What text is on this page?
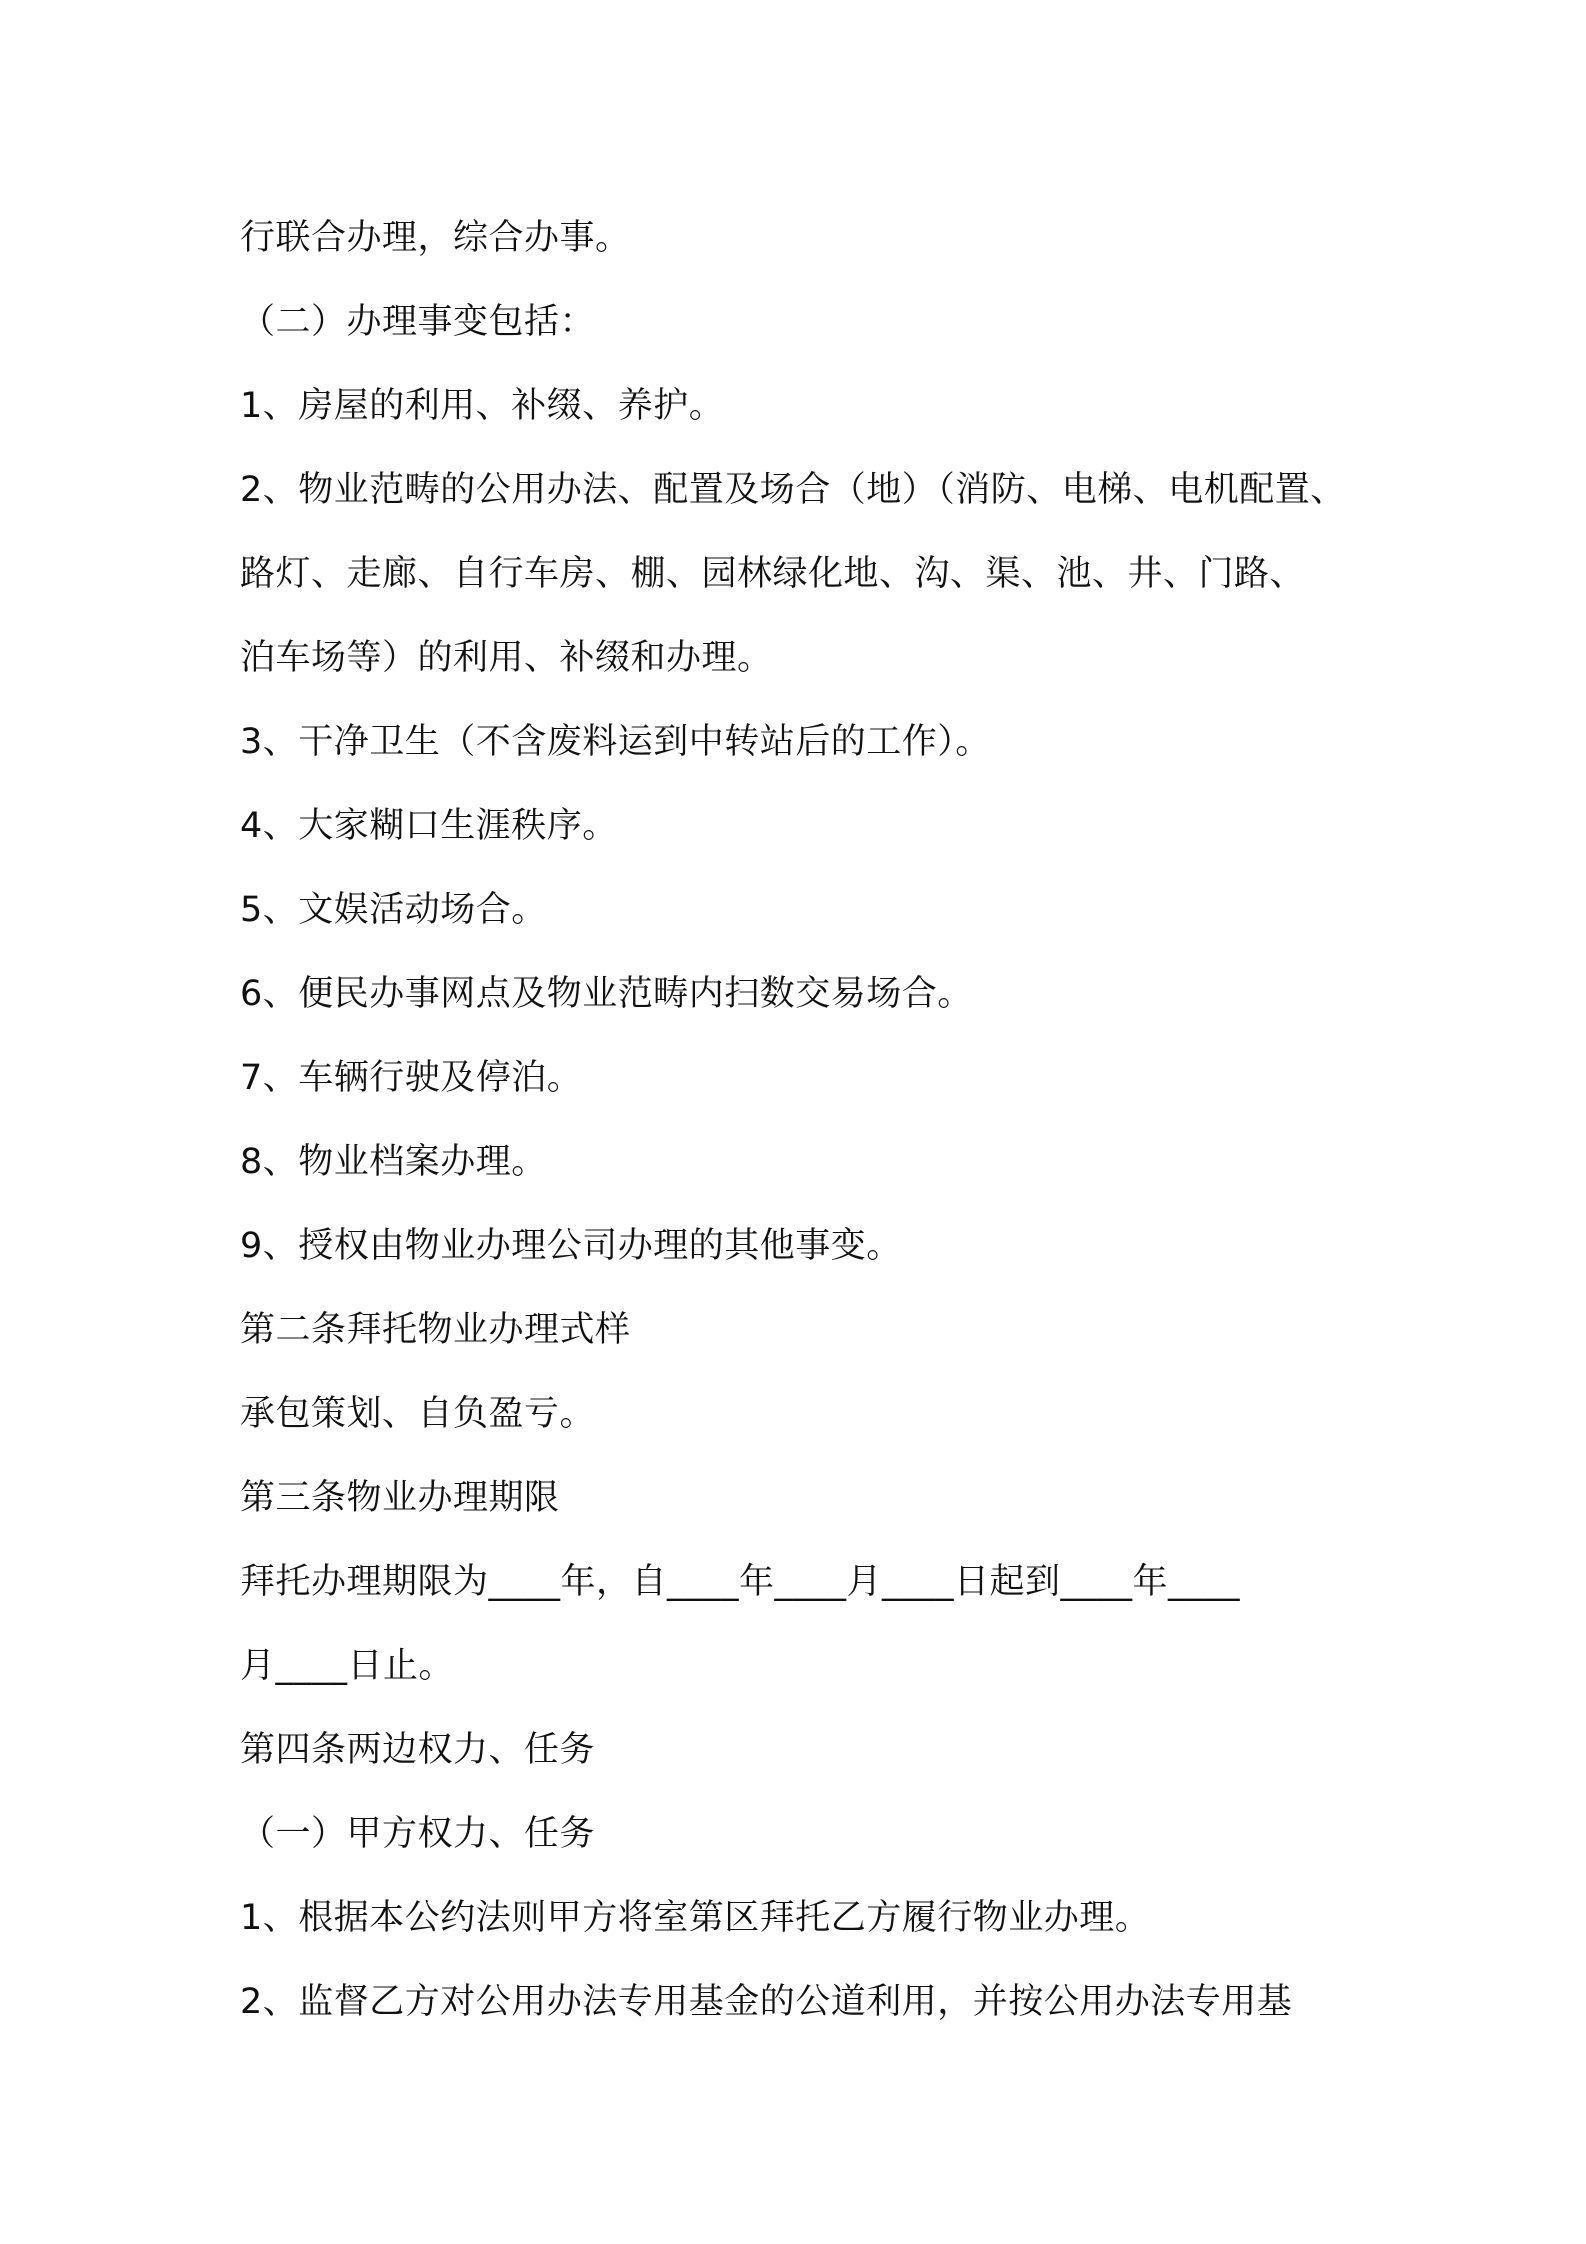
行联合办理，综合办事。
（二）办理事变包括：
1、房屋的利用、补缀、养护。
2、物业范畴的公用办法、配置及场合（地）（消防、电梯、电机配置、
路灯、走廊、自行车房、棚、园林绿化地、沟、渠、池、井、门路、
泊车场等）的利用、补缀和办理。
3、干净卫生（不含废料运到中转站后的工作）。
4、大家糊口生涯秩序。
5、文娱活动场合。
6、便民办事网点及物业范畴内扫数交易场合。
7、车辆行驶及停泊。
8、物业档案办理。
9、授权由物业办理公司办理的其他事变。
第二条拜托物业办理式样
承包策划、自负盈亏。
第三条物业办理期限
拜托办理期限为____年，自____年____月____日起到____年____
月____日止。
第四条两边权力、任务
（一）甲方权力、任务
1、根据本公约法则甲方将室第区拜托乙方履行物业办理。
2、监督乙方对公用办法专用基金的公道利用，并按公用办法专用基
